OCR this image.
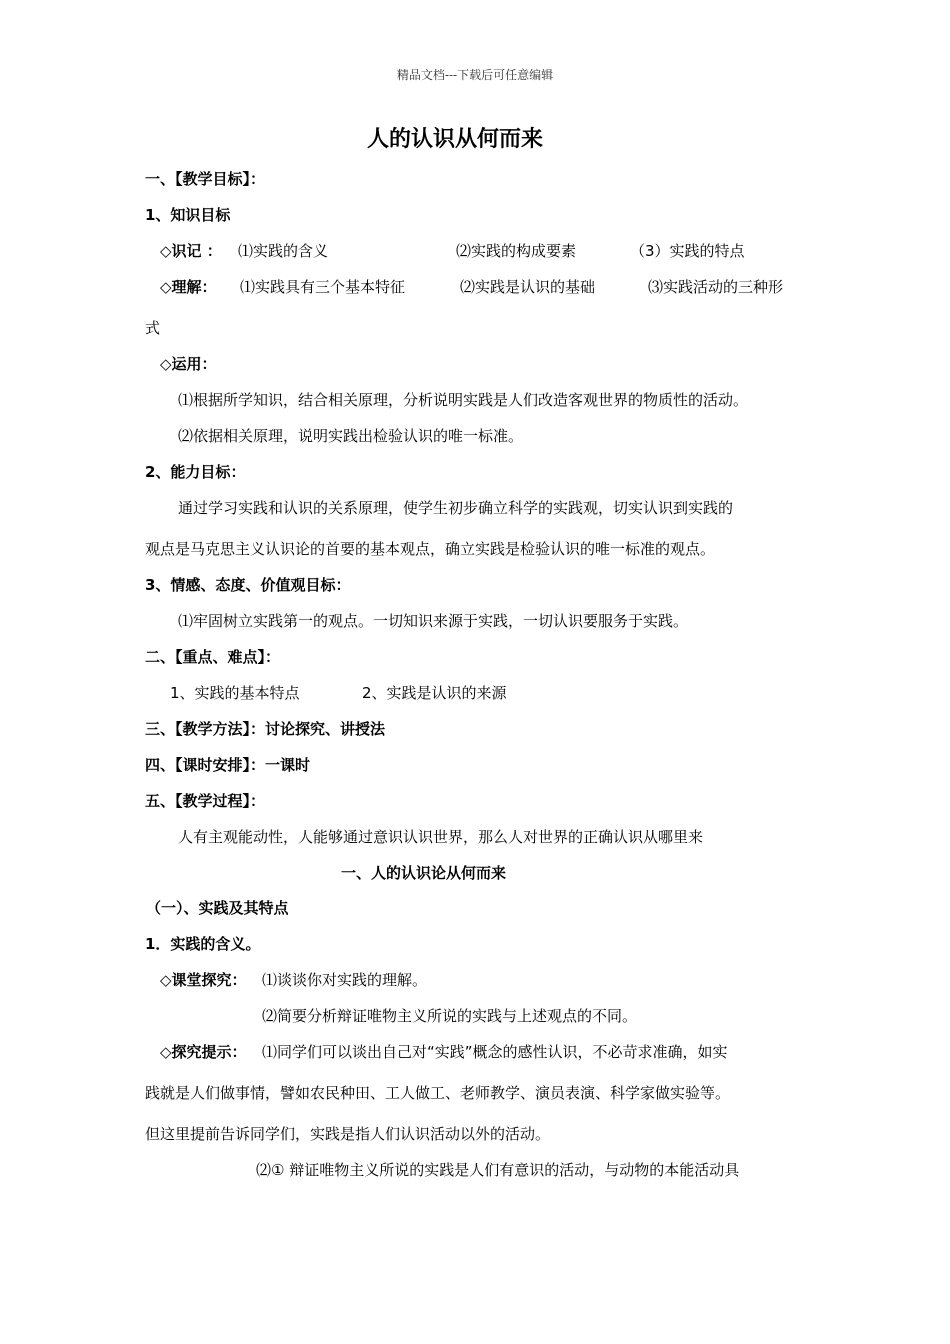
精品文档---下载后可任意编辑
人的认识从何而来
一、【教学目标】：
1、知识目标
◇识记 ： ⑴实践的含义	⑵实践的构成要素	（3）实践的特点
◇理解： ⑴实践具有三个基本特征	⑵实践是认识的基础	⑶实践活动的三种形
式
◇运用：
⑴根据所学知识，结合相关原理，分析说明实践是人们改造客观世界的物质性的活动。
⑵依据相关原理，说明实践出检验认识的唯一标准。
2、能力目标：
通过学习实践和认识的关系原理，使学生初步确立科学的实践观，切实认识到实践的
观点是马克思主义认识论的首要的基本观点，确立实践是检验认识的唯一标准的观点。
3、情感、态度、价值观目标：
⑴牢固树立实践第一的观点。一切知识来源于实践，一切认识要服务于实践。
二、【重点、难点】：
1、实践的基本特点	2、实践是认识的来源
三、【教学方法】：讨论探究、讲授法
四、【课时安排】：一课时
五、【教学过程】：
人有主观能动性，人能够通过意识认识世界，那么人对世界的正确认识从哪里来
一、人的认识论从何而来
（一）、实践及其特点
1．实践的含义。
◇课堂探究： ⑴谈谈你对实践的理解。
⑵简要分析辩证唯物主义所说的实践与上述观点的不同。
◇探究提示： ⑴同学们可以谈出自己对“实践”概念的感性认识，不必苛求准确，如实
践就是人们做事情，譬如农民种田、工人做工、老师教学、演员表演、科学家做实验等。
但这里提前告诉同学们，实践是指人们认识活动以外的活动。
⑵① 辩证唯物主义所说的实践是人们有意识的活动，与动物的本能活动具
